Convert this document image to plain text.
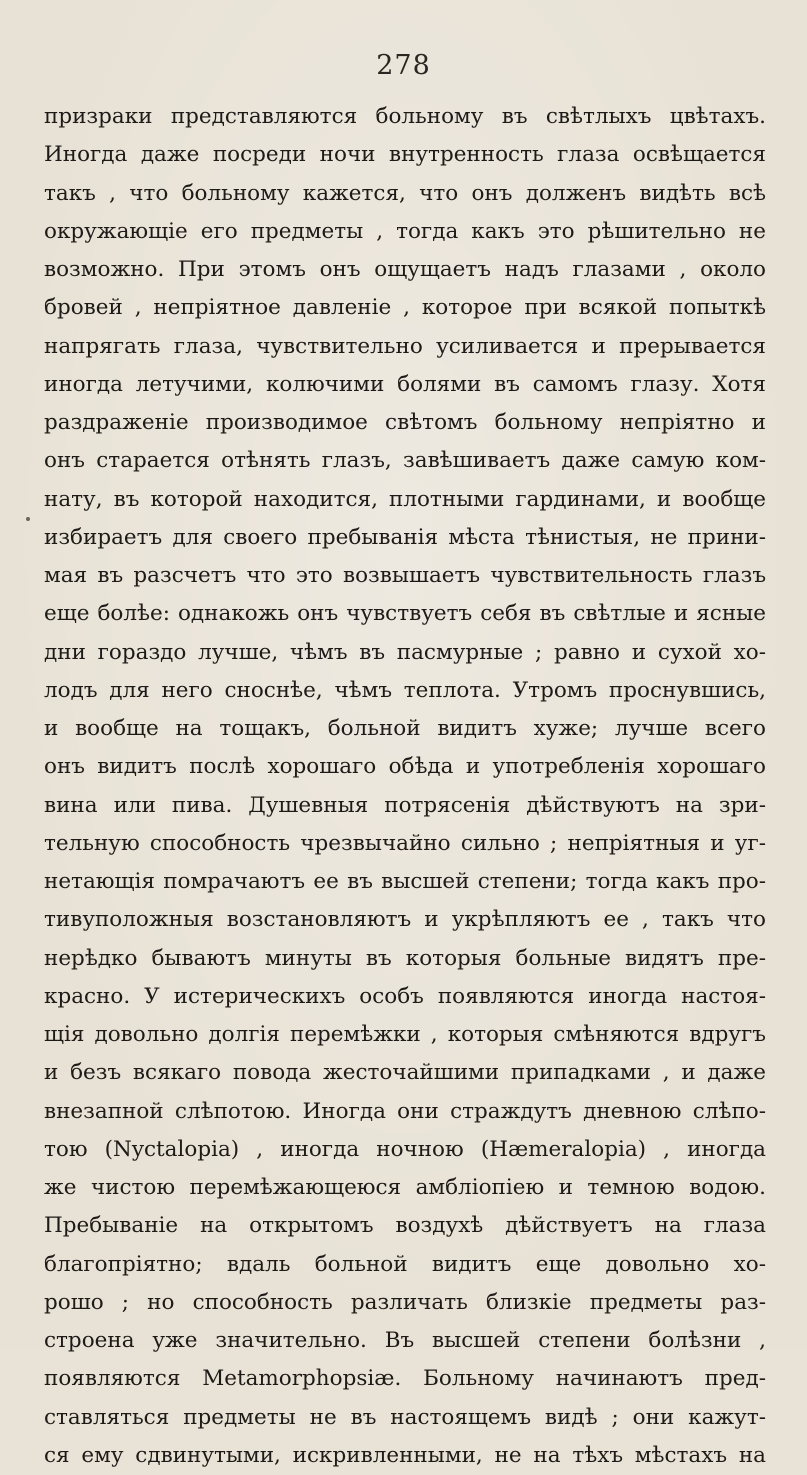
278
призраки представляются больному въ свѣтлыхъ цвѣтахъ.
Иногда даже посреди ночи внутренность глаза освѣщается
такъ , что больному кажется, что онъ долженъ видѣть всѣ
окружающіе его предметы , тогда какъ это рѣшительно не
возможно. При этомъ онъ ощущаетъ надъ глазами , около
бровей , непріятное давленіе , которое при всякой попыткѣ
напрягать глаза, чувствительно усиливается и прерывается
иногда летучими, колючими болями въ самомъ глазу. Хотя
раздраженіе производимое свѣтомъ больному непріятно и
онъ старается отѣнять глазъ, завѣшиваетъ даже самую ком-
нату, въ которой находится, плотными гардинами, и вообще
избираетъ для своего пребыванія мѣста тѣнистыя, не прини-
мая въ разсчетъ что это возвышаетъ чувствительность глазъ
еще болѣе: однакожь онъ чувствуетъ себя въ свѣтлые и ясные
дни гораздо лучше, чѣмъ въ пасмурные ; равно и сухой хо-
лодъ для него сноснѣе, чѣмъ теплота. Утромъ проснувшись,
и вообще на тощакъ, больной видитъ хуже; лучше всего
онъ видитъ послѣ хорошаго обѣда и употребленія хорошаго
вина или пива. Душевныя потрясенія дѣйствуютъ на зри-
тельную способность чрезвычайно сильно ; непріятныя и уг-
нетающія помрачаютъ ее въ высшей степени; тогда какъ про-
тивуположныя возстановляютъ и укрѣпляютъ ее , такъ что
нерѣдко бываютъ минуты въ которыя больные видятъ пре-
красно. У истерическихъ особъ появляются иногда настоя-
щія довольно долгія перемѣжки , которыя смѣняются вдругъ
и безъ всякаго повода жесточайшими припадками , и даже
внезапной слѣпотою. Иногда они страждутъ дневною слѣпо-
тою (Nyctalopia) , иногда ночною (Hæmeralopia) , иногда
же чистою перемѣжающеюся амбліопіею и темною водою.
Пребываніе на открытомъ воздухѣ дѣйствуетъ на глаза
благопріятно; вдаль больной видитъ еще довольно хо-
рошо ; но способность различать близкіе предметы раз-
строена уже значительно. Въ высшей степени болѣзни ,
появляются Metamorphopsiæ. Больному начинаютъ пред-
ставляться предметы не въ настоящемъ видѣ ; они кажут-
ся ему сдвинутыми, искривленными, не на тѣхъ мѣстахъ на
